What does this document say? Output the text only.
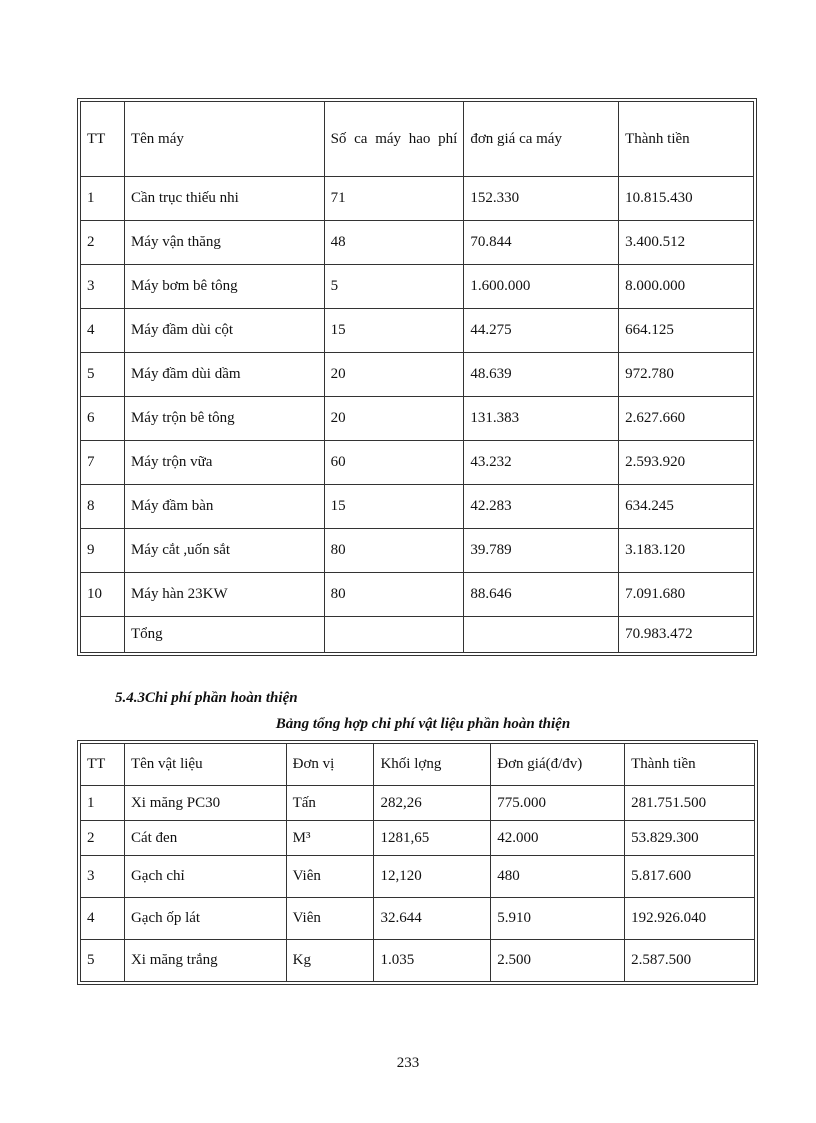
TT	Tên máy	Số ca máy hao phí	đơn giá ca máy	Thành tiền
1	Cần trục thiếu nhi	71	152.330	10.815.430
2	Máy vận thăng	48	70.844	3.400.512
3	Máy bơm bê tông	5	1.600.000	8.000.000
4	Máy đầm dùi cột	15	44.275	664.125
5	Máy đầm dùi dầm	20	48.639	972.780
6	Máy trộn bê tông	20	131.383	2.627.660
7	Máy trộn vữa	60	43.232	2.593.920
8	Máy đầm bàn	15	42.283	634.245
9	Máy cắt ,uốn sắt	80	39.789	3.183.120
10	Máy hàn 23KW	80	88.646	7.091.680
	Tổng			70.983.472

5.4.3Chi phí phần hoàn thiện

Bảng tổng hợp chi phí vật liệu phần hoàn thiện

TT	Tên vật liệu	Đơn vị	Khối lợng	Đơn giá(đ/đv)	Thành tiền
1	Xi măng PC30	Tấn	282,26	775.000	281.751.500
2	Cát đen	M³	1281,65	42.000	53.829.300
3	Gạch chỉ	Viên	12,120	480	5.817.600
4	Gạch ốp lát	Viên	32.644	5.910	192.926.040
5	Xi măng trắng	Kg	1.035	2.500	2.587.500

233
